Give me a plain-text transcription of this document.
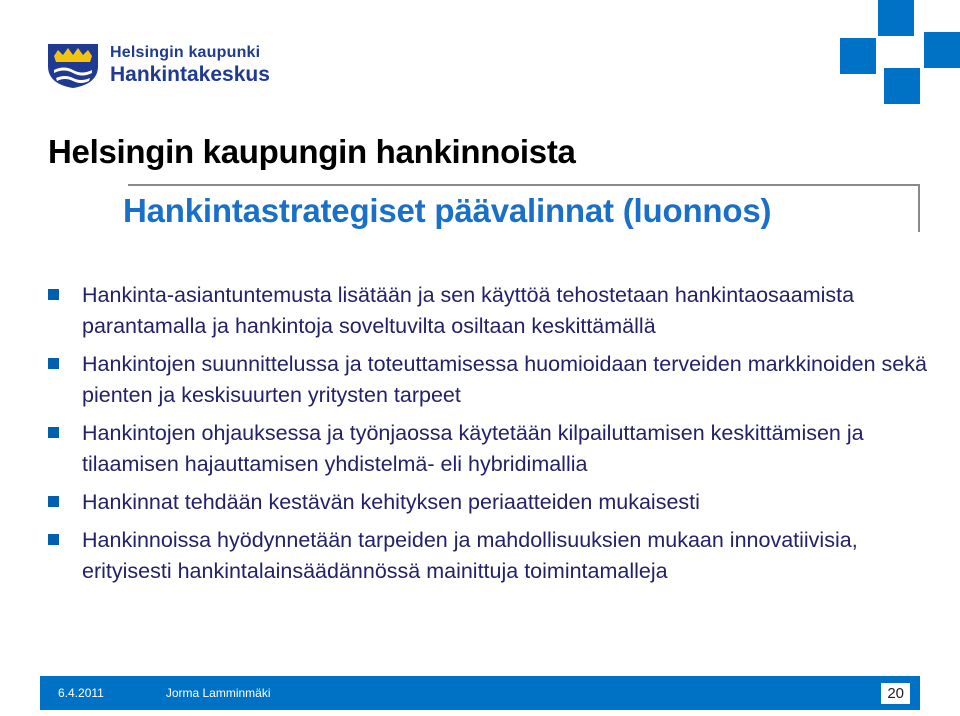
Helsingin kaupunki
Hankintakeskus
Helsingin kaupungin hankinnoista
Hankintastrategiset päävalinnat (luonnos)
Hankinta-asiantuntemusta lisätään ja sen käyttöä tehostetaan hankintaosaamista parantamalla ja hankintoja soveltuvilta osiltaan keskittämällä
Hankintojen suunnittelussa ja toteuttamisessa huomioidaan terveiden markkinoiden sekä pienten ja keskisuurten yritysten tarpeet
Hankintojen ohjauksessa ja työnjaossa käytetään kilpailuttamisen keskittämisen ja tilaamisen hajauttamisen yhdistelmä- eli hybridimallia
Hankinnat tehdään kestävän kehityksen periaatteiden mukaisesti
Hankinnoissa hyödynnetään tarpeiden ja mahdollisuuksien mukaan innovatiivisia, erityisesti hankintalainsäädännössä mainittuja toimintamalleja
6.4.2011	Jorma Lamminmäki	20
